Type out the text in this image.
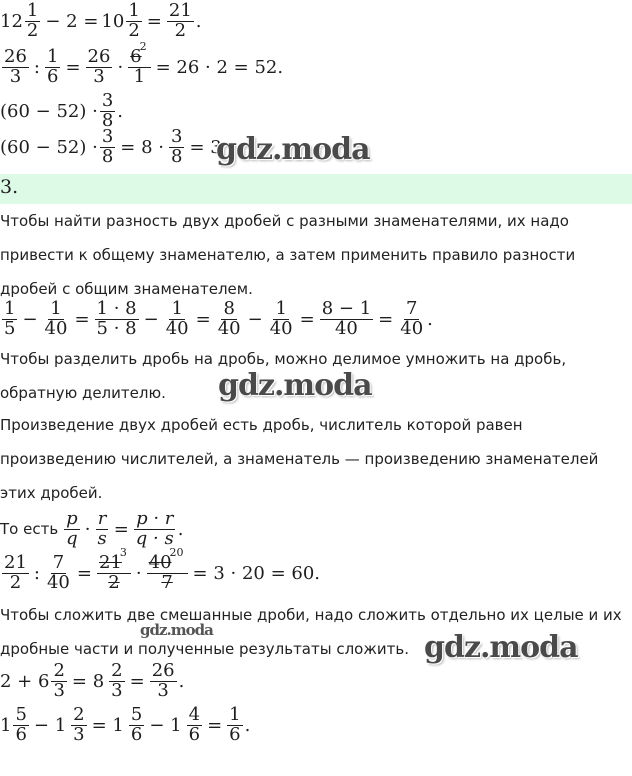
$12 \frac{1}{2} - 2 = 10 \frac{1}{2} = \frac{21}{2}$ .
$\frac{26}{3}$ : $\frac{1}{6} = \frac{26}{3} \cdot \frac{6^2}{1} = 26 \cdot 2 = 52$.
$(60 - 52) \cdot \frac{3}{8}$ .
$(60 - 52) \cdot \frac{3}{8} = 8 \cdot \frac{3}{8} = 3$
gdz.moda
3.
Чтобы найти разность двух дробей с разными знаменателями, их надо
привести к общему знаменателю, а затем применить правило разности
дробей с общим знаменателем.
$\frac{1}{5} - \frac{1}{40} = \frac{1 \cdot 8}{5 \cdot 8} - \frac{1}{40} = \frac{8}{40} - \frac{1}{40} = \frac{8 - 1}{40} = \frac{7}{40}$ .
Чтобы разделить дробь на дробь, можно делимое умножить на дробь,
обратную делителю. gdz.moda
Произведение двух дробей есть дробь, числитель которой равен
произведению числителей, а знаменатель — произведению знаменателей
этих дробей.
То есть $\frac{p}{q} \cdot \frac{r}{s} = \frac{p \cdot r}{q \cdot s}$ .
$\frac{21}{2}$ : $\frac{7}{40} = \frac{21^3}{2} \cdot \frac{40^{20}}{7} = 3 \cdot 20 = 60$.
Чтобы сложить две смешанные дроби, надо сложить отдельно их целые и их
дробные части и полученные результаты сложить.
gdz.moda	gdz.moda
$2 + 6 \frac{2}{3} = 8 \frac{2}{3} = \frac{26}{3}$ .
$1 \frac{5}{6} - 1 \frac{2}{3} = 1 \frac{5}{6} - 1 \frac{4}{6} = \frac{1}{6}$ .
